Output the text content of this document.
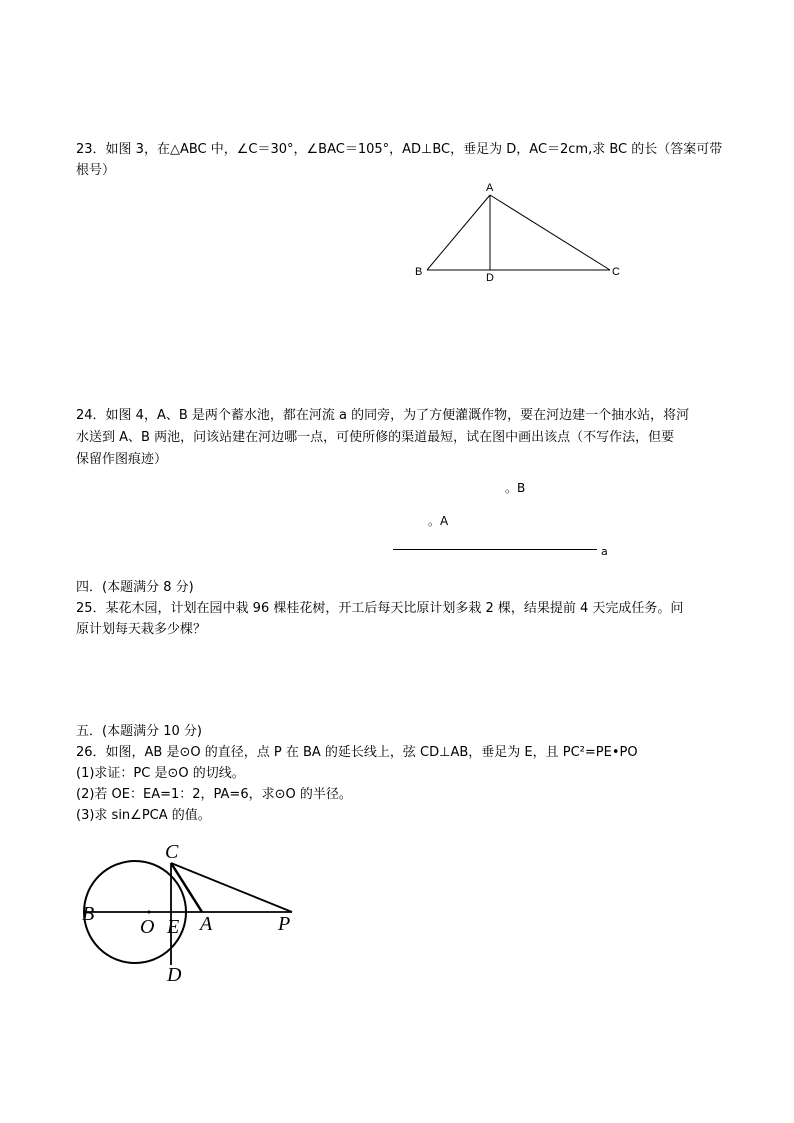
23．如图 3，在△ABC 中，∠C＝30°，∠BAC＝105°，AD⊥BC，垂足为 D，AC＝2cm,求 BC 的长（答案可带
根号）
A
B	C
D
24．如图 4，A、B 是两个蓄水池，都在河流 a 的同旁，为了方便灌溉作物，要在河边建一个抽水站，将河
水送到 A、B 两池，问该站建在河边哪一点，可使所修的渠道最短，试在图中画出该点（不写作法，但要
保留作图痕迹）
。B
。A
a
四．(本题满分 8 分)
25．某花木园，计划在园中栽 96 棵桂花树，开工后每天比原计划多栽 2 棵，结果提前 4 天完成任务。问
原计划每天栽多少棵？
五．(本题满分 10 分)
26．如图，AB 是⊙O 的直径，点 P 在 BA 的延长线上，弦 CD⊥AB，垂足为 E，且 PC²=PE•PO
(1)求证：PC 是⊙O 的切线。
(2)若 OE：EA=1：2，PA=6，求⊙O 的半径。
(3)求 sin∠PCA 的值。
B
C
O E A	P
D
